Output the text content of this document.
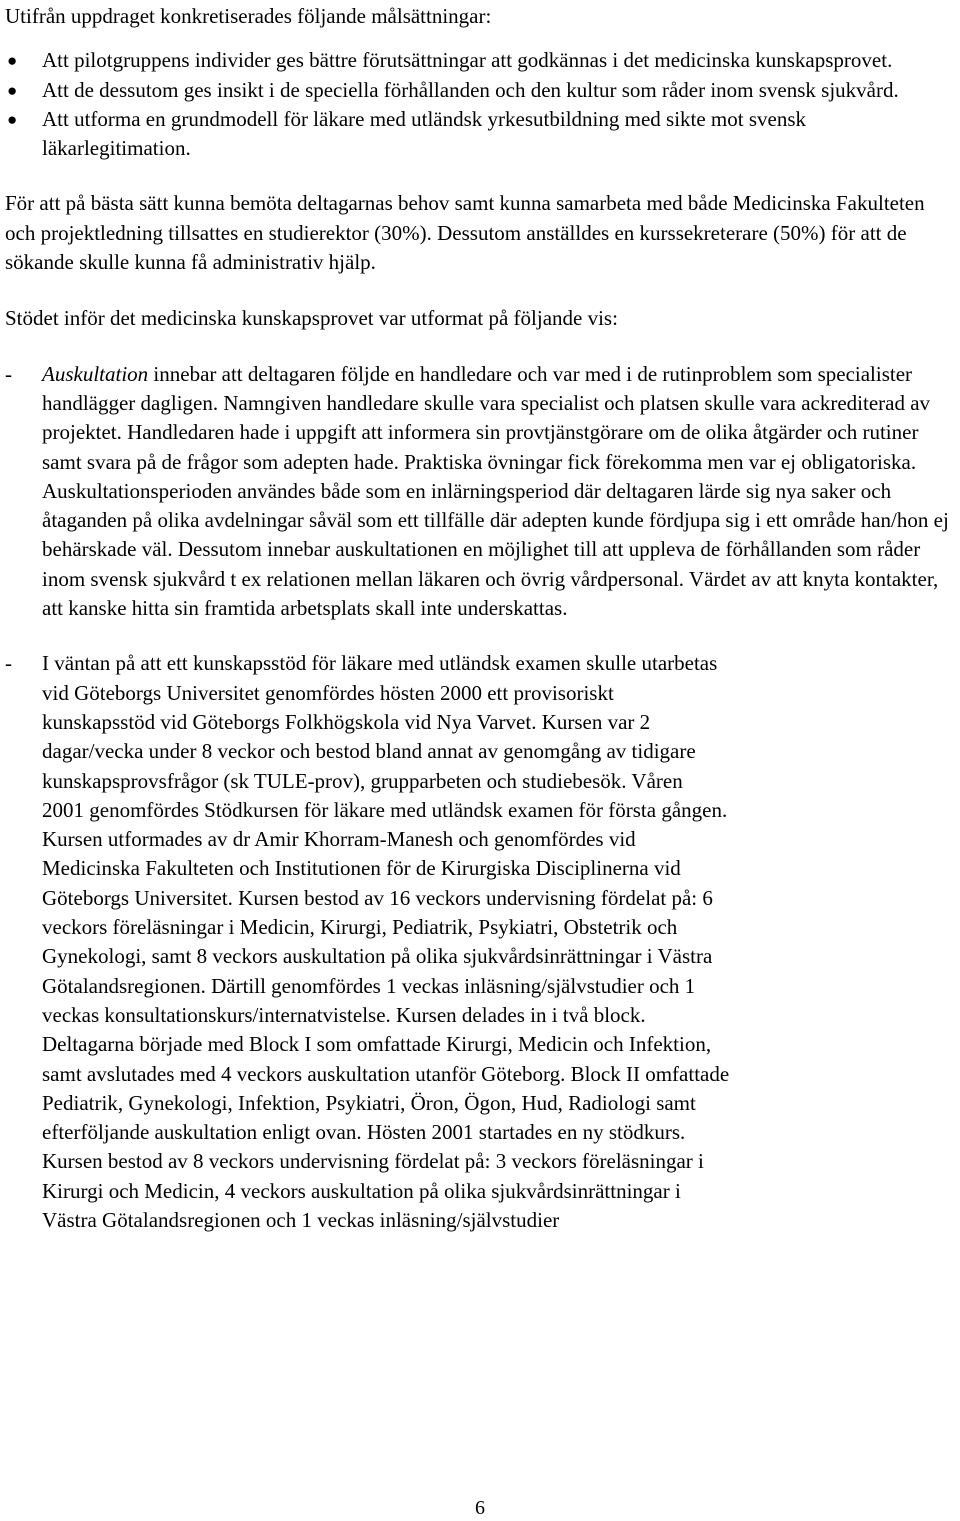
Utifrån uppdraget konkretiserades följande målsättningar:

● Att pilotgruppens individer ges bättre förutsättningar att godkännas i det medicinska kunskapsprovet.
● Att de dessutom ges insikt i de speciella förhållanden och den kultur som råder inom svensk sjukvård.
● Att utforma en grundmodell för läkare med utländsk yrkesutbildning med sikte mot svensk läkarlegitimation.

För att på bästa sätt kunna bemöta deltagarnas behov samt kunna samarbeta med både Medicinska Fakulteten och projektledning tillsattes en studierektor (30%). Dessutom anställdes en kurssekreterare (50%) för att de sökande skulle kunna få administrativ hjälp.

Stödet inför det medicinska kunskapsprovet var utformat på följande vis:

- Auskultation innebar att deltagaren följde en handledare och var med i de rutinproblem som specialister handlägger dagligen. Namngiven handledare skulle vara specialist och platsen skulle vara ackrediterad av projektet. Handledaren hade i uppgift att informera sin provtjänstgörare om de olika åtgärder och rutiner samt svara på de frågor som adepten hade. Praktiska övningar fick förekomma men var ej obligatoriska. Auskultationsperioden användes både som en inlärningsperiod där deltagaren lärde sig nya saker och åtaganden på olika avdelningar såväl som ett tillfälle där adepten kunde fördjupa sig i ett område han/hon ej behärskade väl. Dessutom innebar auskultationen en möjlighet till att uppleva de förhållanden som råder inom svensk sjukvård t ex relationen mellan läkaren och övrig vårdpersonal. Värdet av att knyta kontakter, att kanske hitta sin framtida arbetsplats skall inte underskattas.
- I väntan på att ett kunskapsstöd för läkare med utländsk examen skulle utarbetas
vid Göteborgs Universitet genomfördes hösten 2000 ett provisoriskt
kunskapsstöd vid Göteborgs Folkhögskola vid Nya Varvet. Kursen var 2
dagar/vecka under 8 veckor och bestod bland annat av genomgång av tidigare
kunskapsprovsfrågor (sk TULE-prov), grupparbeten och studiebesök. Våren
2001 genomfördes Stödkursen för läkare med utländsk examen för första gången.
Kursen utformades av dr Amir Khorram-Manesh och genomfördes vid
Medicinska Fakulteten och Institutionen för de Kirurgiska Disciplinerna vid
Göteborgs Universitet. Kursen bestod av 16 veckors undervisning fördelat på: 6
veckors föreläsningar i Medicin, Kirurgi, Pediatrik, Psykiatri, Obstetrik och
Gynekologi, samt 8 veckors auskultation på olika sjukvårdsinrättningar i Västra
Götalandsregionen. Därtill genomfördes 1 veckas inläsning/självstudier och 1
veckas konsultationskurs/internatvistelse. Kursen delades in i två block.
Deltagarna började med Block I som omfattade Kirurgi, Medicin och Infektion,
samt avslutades med 4 veckors auskultation utanför Göteborg. Block II omfattade
Pediatrik, Gynekologi, Infektion, Psykiatri, Öron, Ögon, Hud, Radiologi samt
efterföljande auskultation enligt ovan. Hösten 2001 startades en ny stödkurs.
Kursen bestod av 8 veckors undervisning fördelat på: 3 veckors föreläsningar i
Kirurgi och Medicin, 4 veckors auskultation på olika sjukvårdsinrättningar i
Västra Götalandsregionen och 1 veckas inläsning/självstudier
6
